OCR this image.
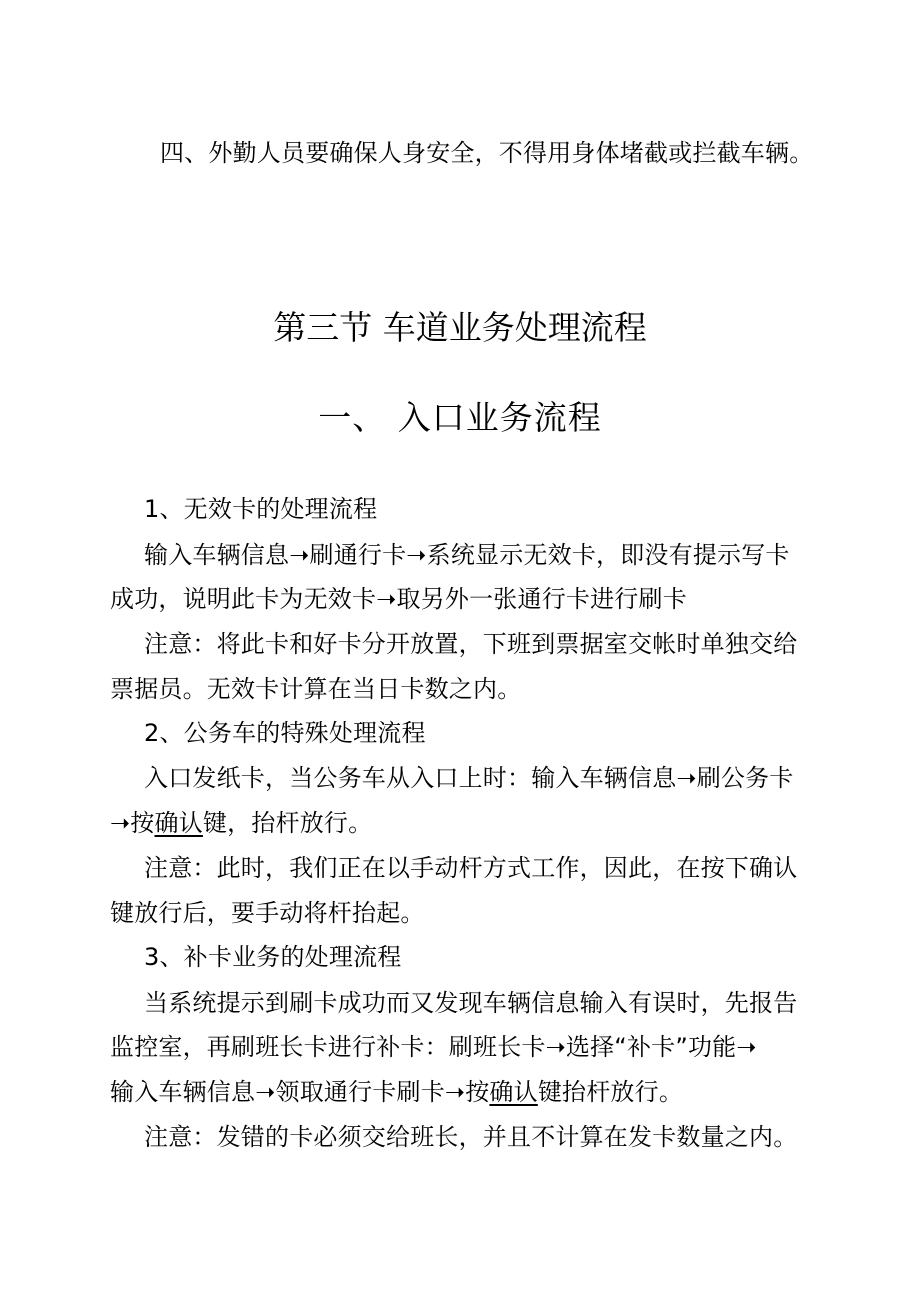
四、外勤人员要确保人身安全，不得用身体堵截或拦截车辆。
第三节 车道业务处理流程
一、 入口业务流程
1、无效卡的处理流程
输入车辆信息➝刷通行卡➝系统显示无效卡，即没有提示写卡
成功，说明此卡为无效卡➝取另外一张通行卡进行刷卡
注意：将此卡和好卡分开放置，下班到票据室交帐时单独交给
票据员。无效卡计算在当日卡数之内。
2、公务车的特殊处理流程
入口发纸卡，当公务车从入口上时：输入车辆信息➝刷公务卡
➝按确认键，抬杆放行。
注意：此时，我们正在以手动杆方式工作，因此，在按下确认
键放行后，要手动将杆抬起。
3、补卡业务的处理流程
当系统提示到刷卡成功而又发现车辆信息输入有误时，先报告
监控室，再刷班长卡进行补卡：刷班长卡➝选择“补卡”功能➝
输入车辆信息➝领取通行卡刷卡➝按确认键抬杆放行。
注意：发错的卡必须交给班长，并且不计算在发卡数量之内。
